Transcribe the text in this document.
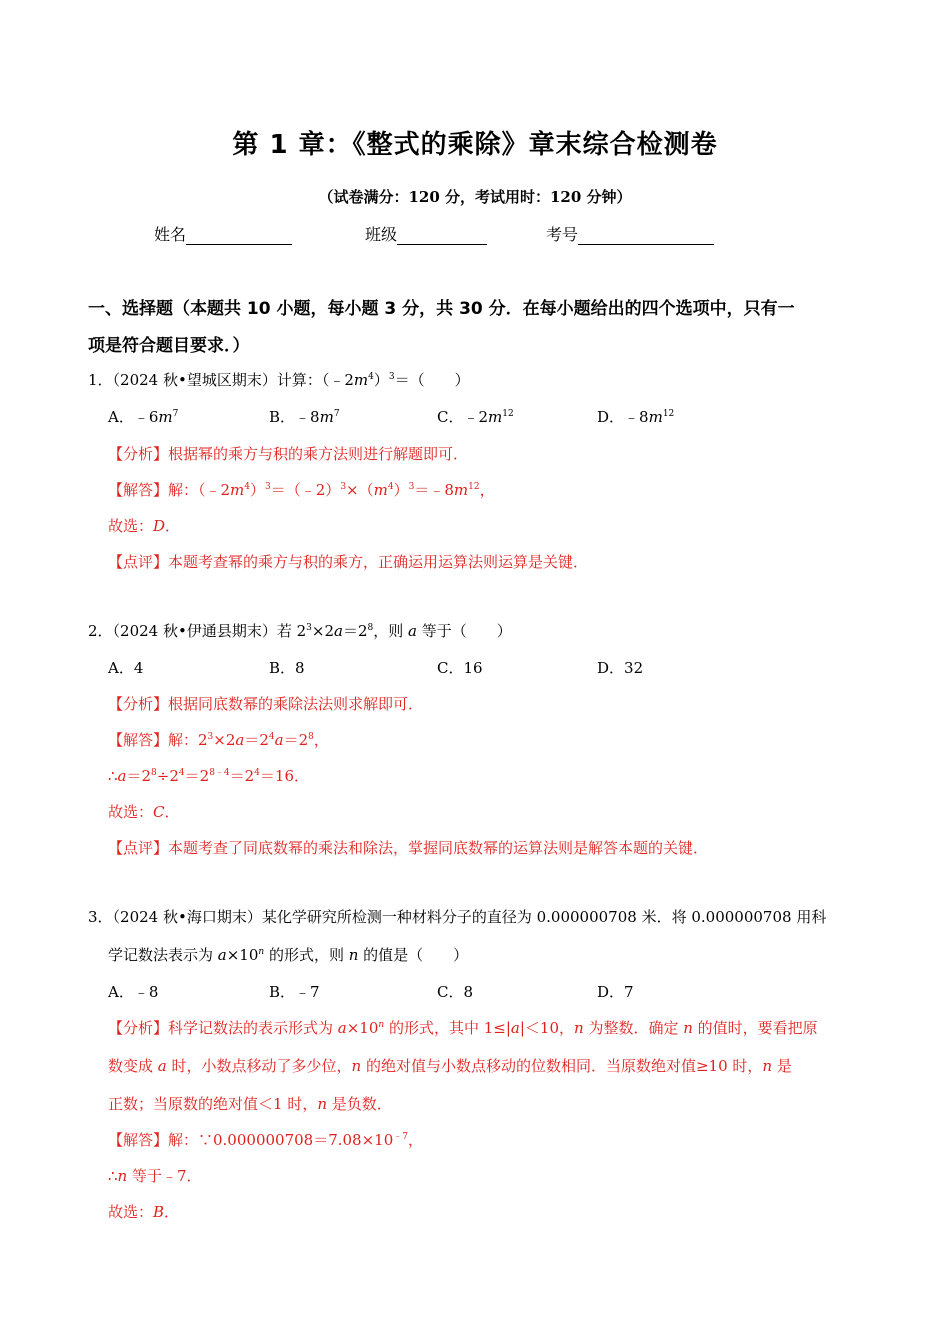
第 1 章：《整式的乘除》章末综合检测卷
（试卷满分：120 分，考试用时：120 分钟）
姓名	班级	考号
一、选择题（本题共 10 小题，每小题 3 分，共 30 分．在每小题给出的四个选项中，只有一
项是符合题目要求．）
1．（2024 秋•望城区期末）计算：$(﹣2m^4)^3=$（　　）
A．$﹣6m^7$	B．$﹣8m^7$	C．$﹣2m^{12}$	D．$﹣8m^{12}$
【分析】根据幂的乘方与积的乘方法则进行解题即可．
【解答】解：$(﹣2m^4)^3=(﹣2)^3\times(m^4)^3=﹣8m^{12}$，
故选：D．
【点评】本题考查幂的乘方与积的乘方，正确运用运算法则运算是关键．
2．（2024 秋•伊通县期末）若 $2^3\times 2a=2^8$，则 a 等于（　　）
A．4	B．8	C．16	D．32
【分析】根据同底数幂的乘除法法则求解即可．
【解答】解：$2^3\times 2a=2^4a=2^8$，
$\therefore a=2^8\div 2^4=2^{8﹣4}=2^4=16$．
故选：C．
【点评】本题考查了同底数幂的乘法和除法，掌握同底数幂的运算法则是解答本题的关键．
3．（2024 秋•海口期末）某化学研究所检测一种材料分子的直径为 0.000000708 米．将 0.000000708 用科
学记数法表示为 $a\times 10^n$ 的形式，则 n 的值是（　　）
A．﹣8	B．﹣7	C．8	D．7
【分析】科学记数法的表示形式为 $a\times 10^n$ 的形式，其中 1≤|a|＜10，n 为整数．确定 n 的值时，要看把原
数变成 a 时，小数点移动了多少位，n 的绝对值与小数点移动的位数相同．当原数绝对值≥10 时，n 是
正数；当原数的绝对值＜1 时，n 是负数．
【解答】解：$\because 0.000000708=7.08\times 10^{﹣7}$，
∴n 等于﹣7．
故选：B．
